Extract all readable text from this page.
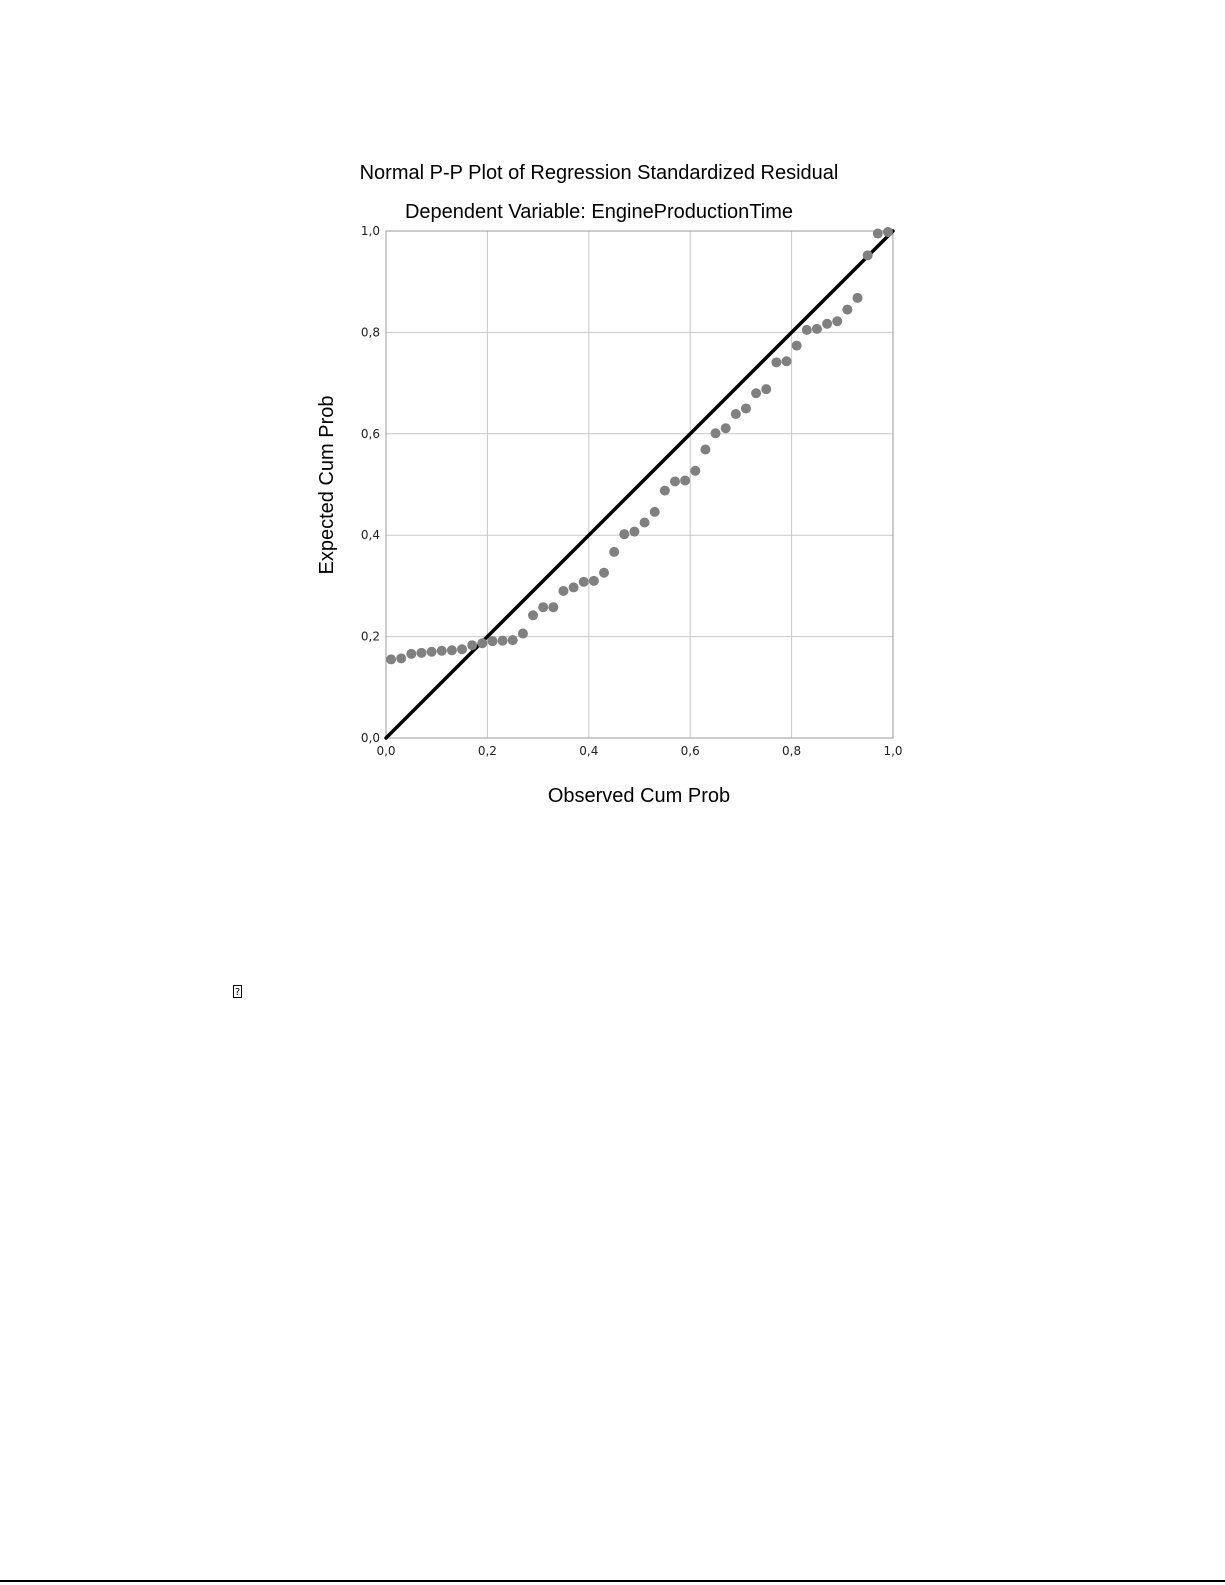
Normal P-P Plot of Regression Standardized Residual
Dependent Variable: EngineProductionTime
0,0	0,2	0,4	0,6	0,8	1,0
0,0
0,2
0,4
0,6
0,8
1,0
Observed Cum Prob
Expected Cum Prob
?
